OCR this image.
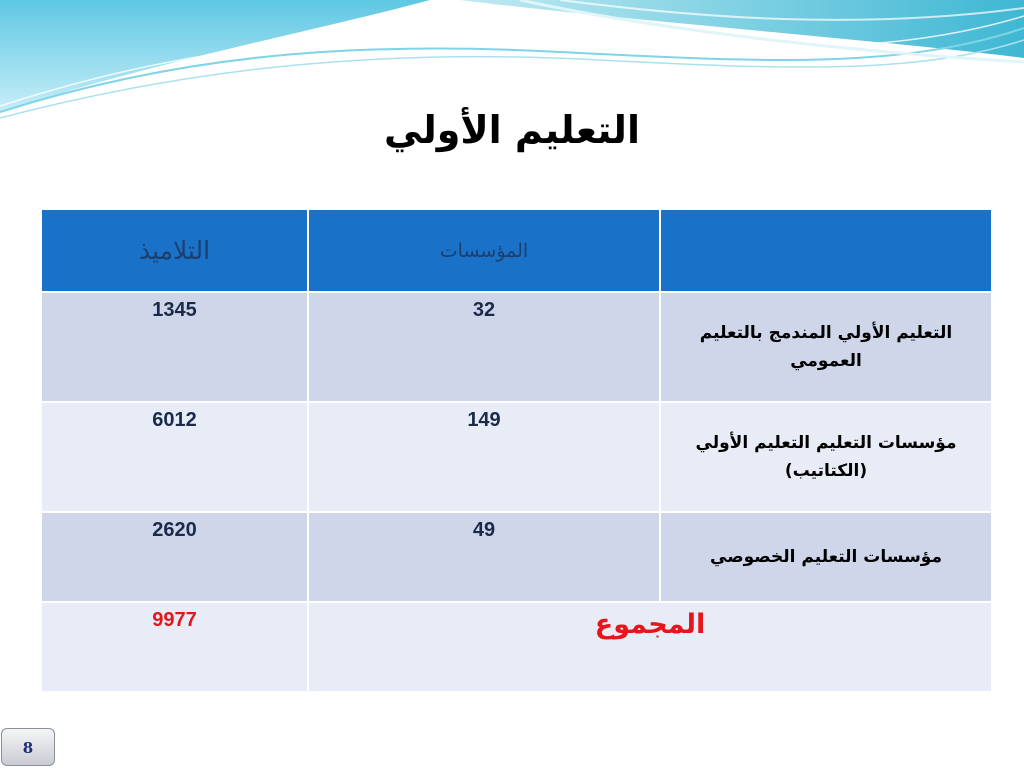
التعليم الأولي
التلاميذ	المؤسسات	
1345	32	التعليم الأولي المندمج بالتعليم
العمومي
6012	149	مؤسسات التعليم التعليم الأولي
(الكتاتيب)
2620	49	مؤسسات التعليم الخصوصي
9977	المجموع	
8
